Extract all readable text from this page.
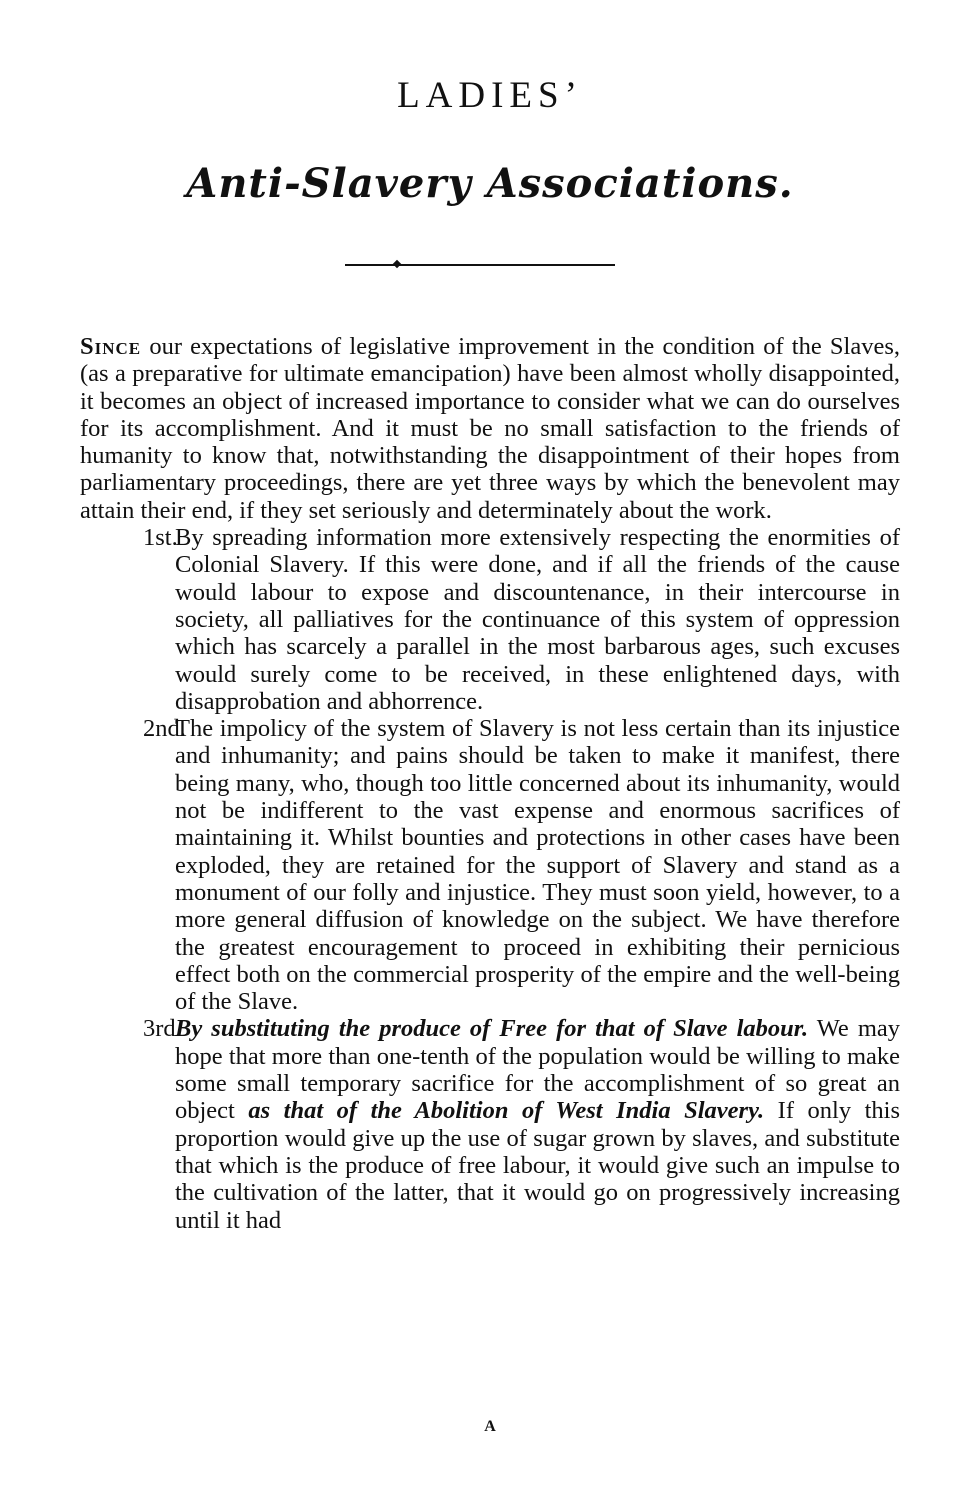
LADIES’
Anti-Slavery Associations.

Since our expectations of legislative improvement in the condition of the Slaves, (as a preparative for ultimate emancipation) have been almost wholly disappointed, it becomes an object of increased importance to consider what we can do ourselves for its accomplishment. And it must be no small satisfaction to the friends of humanity to know that, notwithstanding the disappointment of their hopes from parliamentary proceedings, there are yet three ways by which the benevolent may attain their end, if they set seriously and determinately about the work.

1st.
By spreading information more extensively respecting the enormities of Colonial Slavery. If this were done, and if all the friends of the cause would labour to expose and discountenance, in their intercourse in society, all palliatives for the continuance of this system of oppression which has scarcely a parallel in the most barbarous ages, such excuses would surely come to be received, in these enlightened days, with disapprobation and abhorrence.

2nd.
The impolicy of the system of Slavery is not less certain than its injustice and inhumanity; and pains should be taken to make it manifest, there being many, who, though too little concerned about its inhumanity, would not be indifferent to the vast expense and enormous sacrifices of maintaining it. Whilst bounties and protections in other cases have been exploded, they are retained for the support of Slavery and stand as a monument of our folly and injustice. They must soon yield, however, to a more general diffusion of knowledge on the subject. We have therefore the greatest encouragement to proceed in exhibiting their pernicious effect both on the commercial prosperity of the empire and the well-being of the Slave.

3rd.
By substituting the produce of Free for that of Slave labour. We may hope that more than one-tenth of the population would be willing to make some small temporary sacrifice for the accomplishment of so great an object as that of the Abolition of West India Slavery. If only this proportion would give up the use of sugar grown by slaves, and substitute that which is the produce of free labour, it would give such an impulse to the cultivation of the latter, that it would go on progressively increasing until it had

A
